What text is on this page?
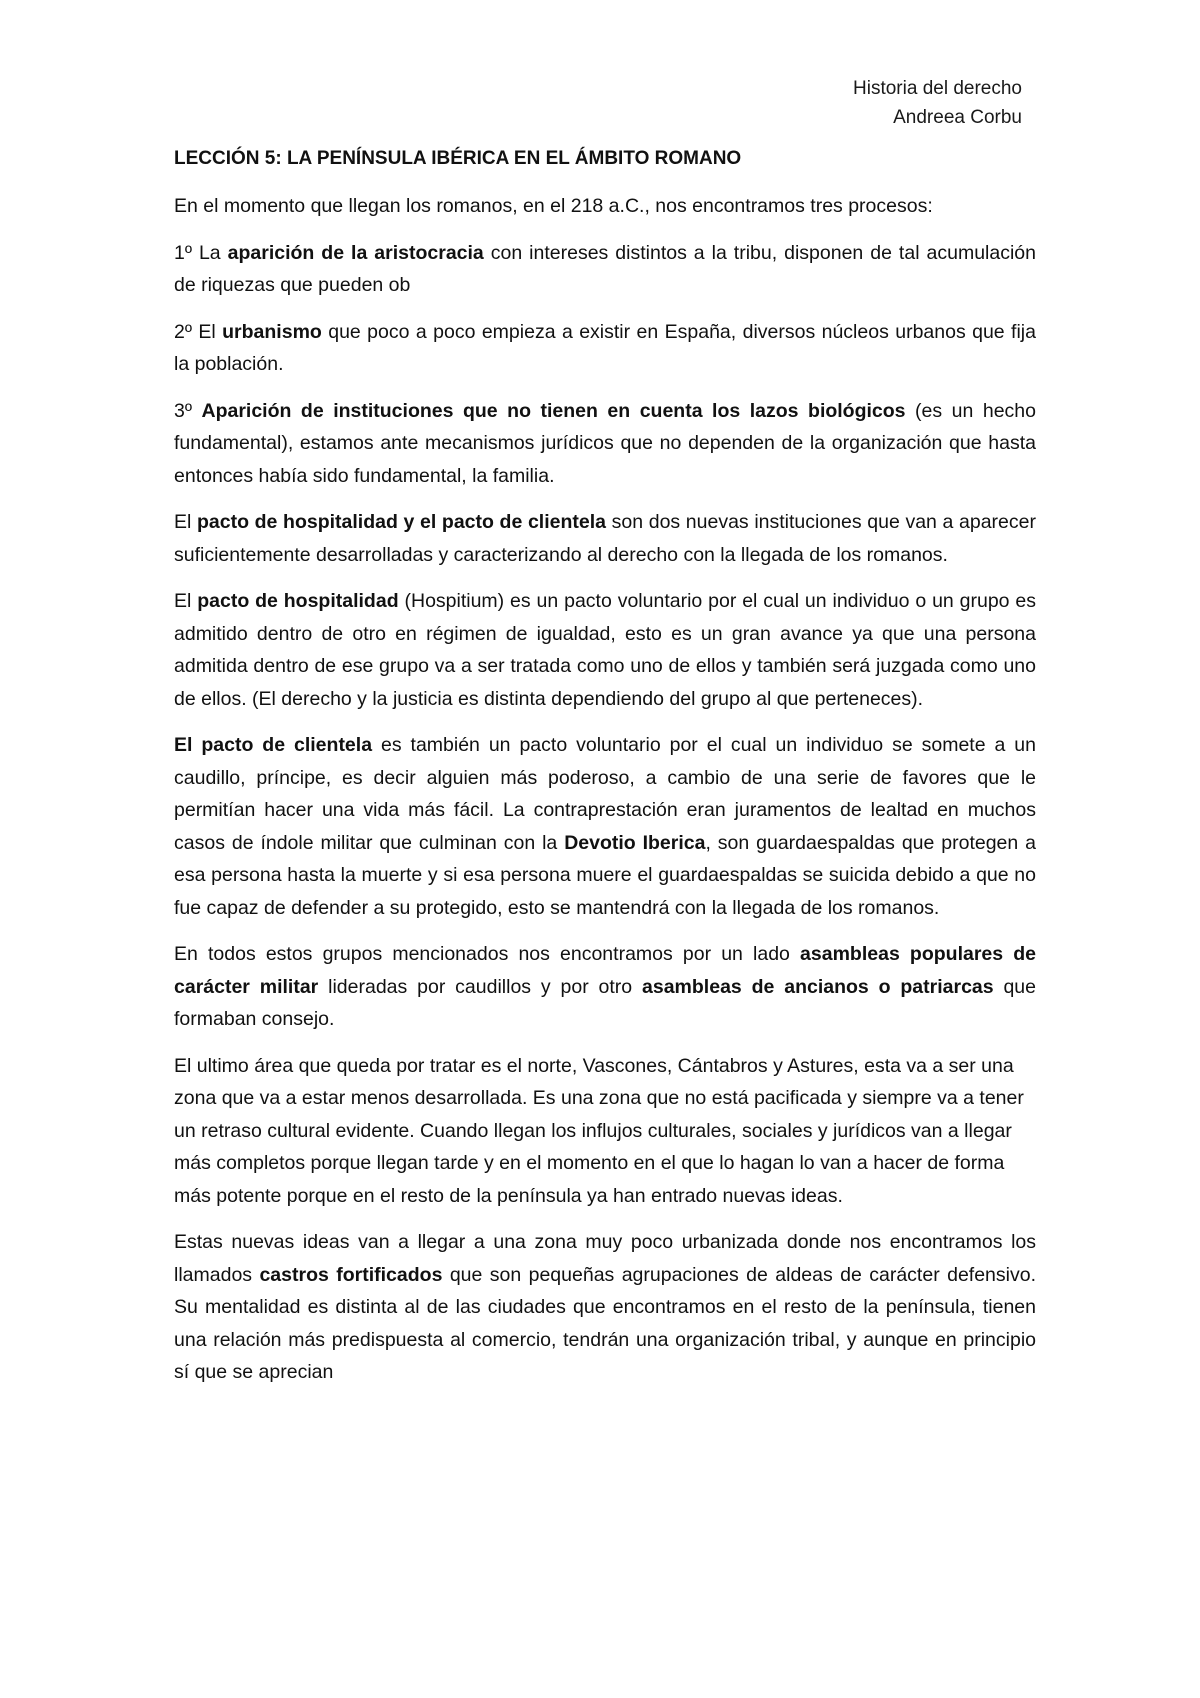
Historia del derecho
Andreea Corbu
LECCIÓN 5: LA PENÍNSULA IBÉRICA EN EL ÁMBITO ROMANO

En el momento que llegan los romanos, en el 218 a.C., nos encontramos tres procesos:

1º La aparición de la aristocracia con intereses distintos a la tribu, disponen de tal acumulación de riquezas que pueden ob

2º El urbanismo que poco a poco empieza a existir en España, diversos núcleos urbanos que fija la población.

3º Aparición de instituciones que no tienen en cuenta los lazos biológicos (es un hecho fundamental), estamos ante mecanismos jurídicos que no dependen de la organización que hasta entonces había sido fundamental, la familia.

El pacto de hospitalidad y el pacto de clientela son dos nuevas instituciones que van a aparecer suficientemente desarrolladas y caracterizando al derecho con la llegada de los romanos.

El pacto de hospitalidad (Hospitium) es un pacto voluntario por el cual un individuo o un grupo es admitido dentro de otro en régimen de igualdad, esto es un gran avance ya que una persona admitida dentro de ese grupo va a ser tratada como uno de ellos y también será juzgada como uno de ellos. (El derecho y la justicia es distinta dependiendo del grupo al que perteneces).

El pacto de clientela es también un pacto voluntario por el cual un individuo se somete a un caudillo, príncipe, es decir alguien más poderoso, a cambio de una serie de favores que le permitían hacer una vida más fácil. La contraprestación eran juramentos de lealtad en muchos casos de índole militar que culminan con la Devotio Iberica, son guardaespaldas que protegen a esa persona hasta la muerte y si esa persona muere el guardaespaldas se suicida debido a que no fue capaz de defender a su protegido, esto se mantendrá con la llegada de los romanos.

En todos estos grupos mencionados nos encontramos por un lado asambleas populares de carácter militar lideradas por caudillos y por otro asambleas de ancianos o patriarcas que formaban consejo.

El ultimo área que queda por tratar es el norte, Vascones, Cántabros y Astures, esta va a ser una zona que va a estar menos desarrollada. Es una zona que no está pacificada y siempre va a tener un retraso cultural evidente. Cuando llegan los influjos culturales, sociales y jurídicos van a llegar más completos porque llegan tarde y en el momento en el que lo hagan lo van a hacer de forma más potente porque en el resto de la península ya han entrado nuevas ideas.

Estas nuevas ideas van a llegar a una zona muy poco urbanizada donde nos encontramos los llamados castros fortificados que son pequeñas agrupaciones de aldeas de carácter defensivo. Su mentalidad es distinta al de las ciudades que encontramos en el resto de la península, tienen una relación más predispuesta al comercio, tendrán una organización tribal, y aunque en principio sí que se aprecian
